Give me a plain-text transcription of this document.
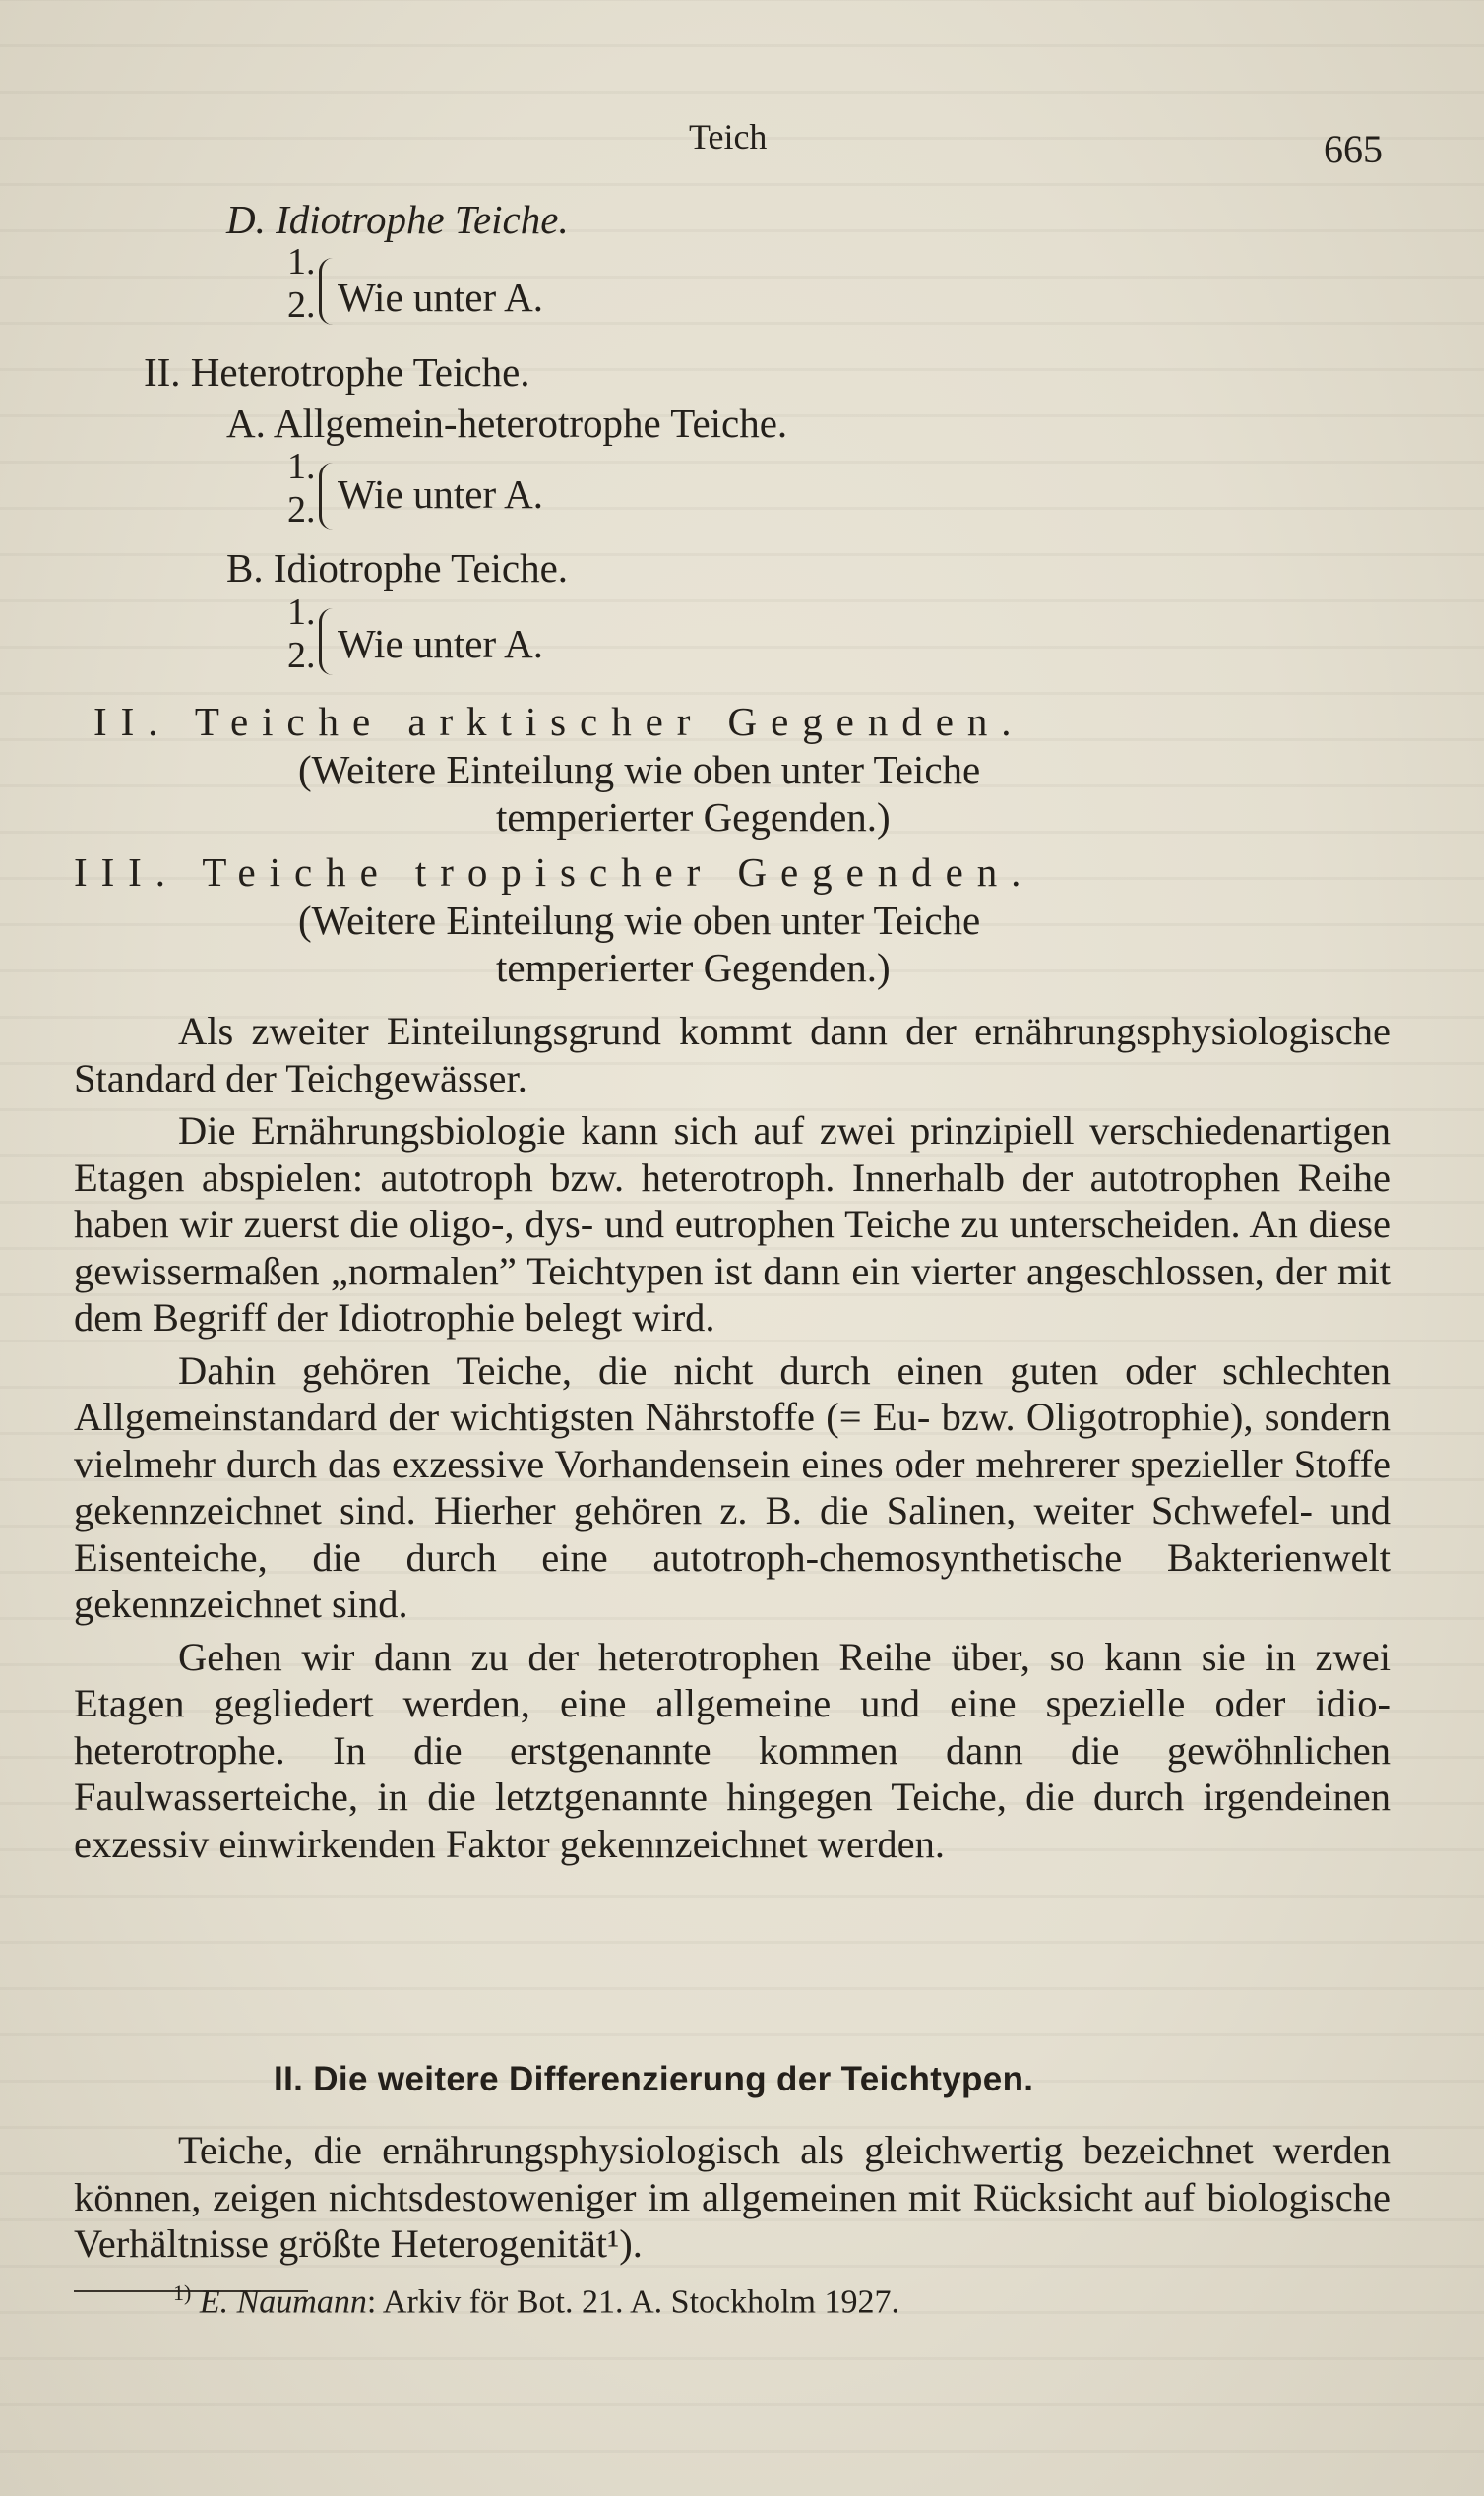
Teich	665
D. Idiotrophe Teiche.
1.
2. Wie unter A.
II. Heterotrophe Teiche.
A. Allgemein-heterotrophe Teiche.
1.
2. Wie unter A.
B. Idiotrophe Teiche.
1.
2. Wie unter A.
II. Teiche arktischer Gegenden.
(Weitere Einteilung wie oben unter Teiche
temperierter Gegenden.)
III. Teiche tropischer Gegenden.
(Weitere Einteilung wie oben unter Teiche
temperierter Gegenden.)

Als zweiter Einteilungsgrund kommt dann der ernährungsphysiologische Standard der Teichgewässer.

Die Ernährungsbiologie kann sich auf zwei prinzipiell verschiedenartigen Etagen abspielen: autotroph bzw. heterotroph. Innerhalb der autotrophen Reihe haben wir zuerst die oligo-, dys- und eutrophen Teiche zu unterscheiden. An diese gewissermaßen „normalen” Teichtypen ist dann ein vierter angeschlossen, der mit dem Begriff der Idiotrophie belegt wird.

Dahin gehören Teiche, die nicht durch einen guten oder schlechten Allgemeinstandard der wichtigsten Nährstoffe (= Eu- bzw. Oligotrophie), sondern vielmehr durch das exzessive Vorhandensein eines oder mehrerer spezieller Stoffe gekennzeichnet sind. Hierher gehören z. B. die Salinen, weiter Schwefel- und Eisenteiche, die durch eine autotroph-chemosynthetische Bakterienwelt gekennzeichnet sind.

Gehen wir dann zu der heterotrophen Reihe über, so kann sie in zwei Etagen gegliedert werden, eine allgemeine und eine spezielle oder idio-heterotrophe. In die erstgenannte kommen dann die gewöhnlichen Faulwasserteiche, in die letztgenannte hingegen Teiche, die durch irgendeinen exzessiv einwirkenden Faktor gekennzeichnet werden.

II. Die weitere Differenzierung der Teichtypen.

Teiche, die ernährungsphysiologisch als gleichwertig bezeichnet werden können, zeigen nichtsdestoweniger im allgemeinen mit Rücksicht auf biologische Verhältnisse größte Heterogenität¹).

$^{1)}$ E. Naumann: Arkiv för Bot. 21. A. Stockholm 1927.
